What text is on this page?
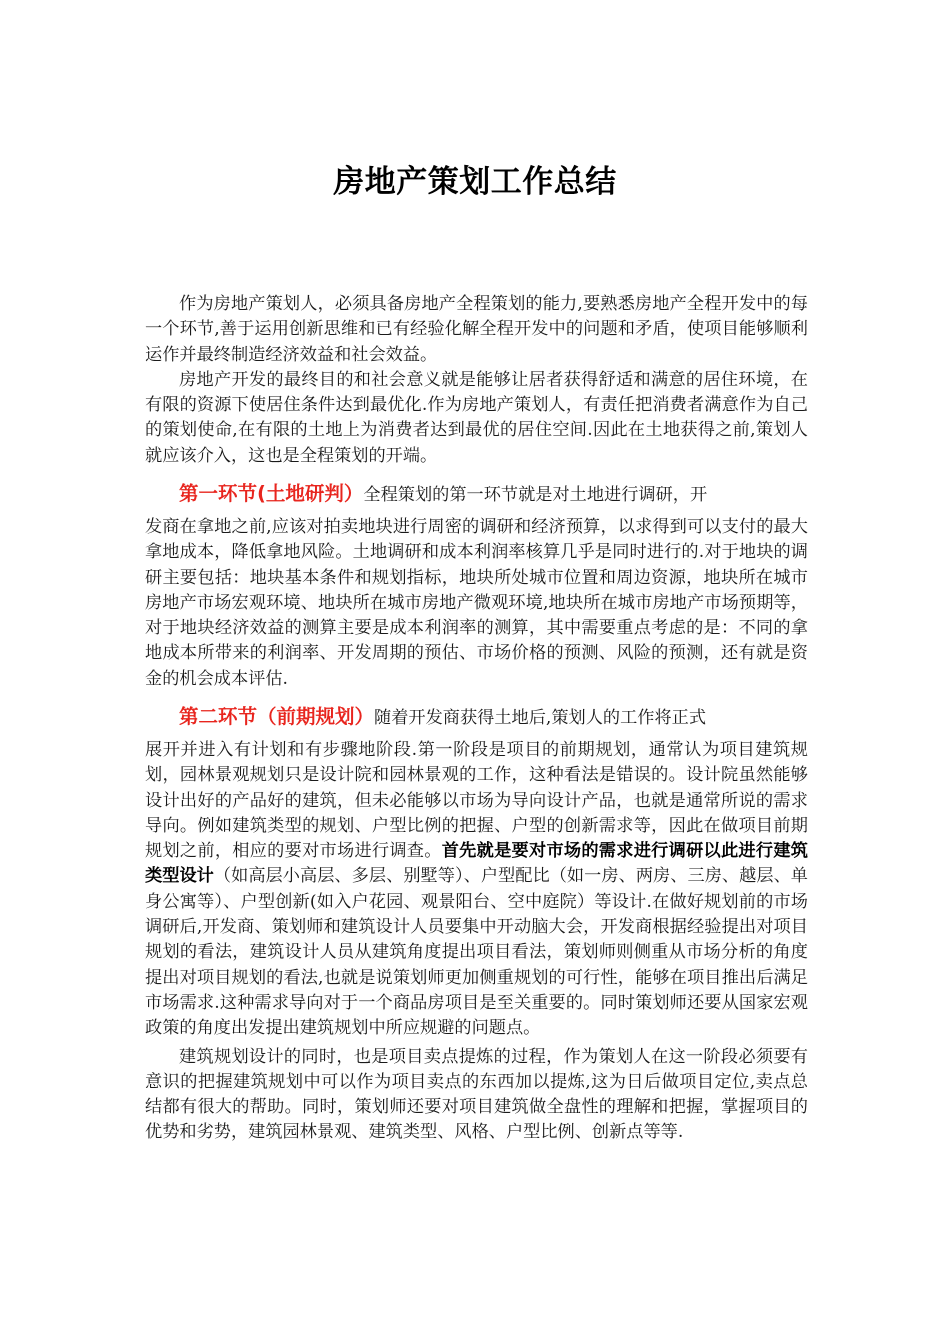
房地产策划工作总结

作为房地产策划人，必须具备房地产全程策划的能力,要熟悉房地产全程开发中的每一个环节,善于运用创新思维和已有经验化解全程开发中的问题和矛盾，使项目能够顺利运作并最终制造经济效益和社会效益。

房地产开发的最终目的和社会意义就是能够让居者获得舒适和满意的居住环境，在有限的资源下使居住条件达到最优化.作为房地产策划人，有责任把消费者满意作为自己的策划使命,在有限的土地上为消费者达到最优的居住空间.因此在土地获得之前,策划人就应该介入，这也是全程策划的开端。

第一环节(土地研判）全程策划的第一环节就是对土地进行调研，开

发商在拿地之前,应该对拍卖地块进行周密的调研和经济预算，以求得到可以支付的最大拿地成本，降低拿地风险。土地调研和成本利润率核算几乎是同时进行的.对于地块的调研主要包括：地块基本条件和规划指标，地块所处城市位置和周边资源，地块所在城市房地产市场宏观环境、地块所在城市房地产微观环境,地块所在城市房地产市场预期等，对于地块经济效益的测算主要是成本利润率的测算，其中需要重点考虑的是：不同的拿地成本所带来的利润率、开发周期的预估、市场价格的预测、风险的预测，还有就是资金的机会成本评估.

第二环节（前期规划）随着开发商获得土地后,策划人的工作将正式

展开并进入有计划和有步骤地阶段.第一阶段是项目的前期规划，通常认为项目建筑规划，园林景观规划只是设计院和园林景观的工作，这种看法是错误的。设计院虽然能够设计出好的产品好的建筑，但未必能够以市场为导向设计产品，也就是通常所说的需求导向。例如建筑类型的规划、户型比例的把握、户型的创新需求等，因此在做项目前期规划之前，相应的要对市场进行调查。首先就是要对市场的需求进行调研以此进行建筑类型设计（如高层小高层、多层、别墅等）、户型配比（如一房、两房、三房、越层、单身公寓等）、户型创新(如入户花园、观景阳台、空中庭院）等设计.在做好规划前的市场调研后,开发商、策划师和建筑设计人员要集中开动脑大会，开发商根据经验提出对项目规划的看法，建筑设计人员从建筑角度提出项目看法，策划师则侧重从市场分析的角度提出对项目规划的看法,也就是说策划师更加侧重规划的可行性，能够在项目推出后满足市场需求.这种需求导向对于一个商品房项目是至关重要的。同时策划师还要从国家宏观政策的角度出发提出建筑规划中所应规避的问题点。

建筑规划设计的同时，也是项目卖点提炼的过程，作为策划人在这一阶段必须要有意识的把握建筑规划中可以作为项目卖点的东西加以提炼,这为日后做项目定位,卖点总结都有很大的帮助。同时，策划师还要对项目建筑做全盘性的理解和把握，掌握项目的优势和劣势，建筑园林景观、建筑类型、风格、户型比例、创新点等等.
